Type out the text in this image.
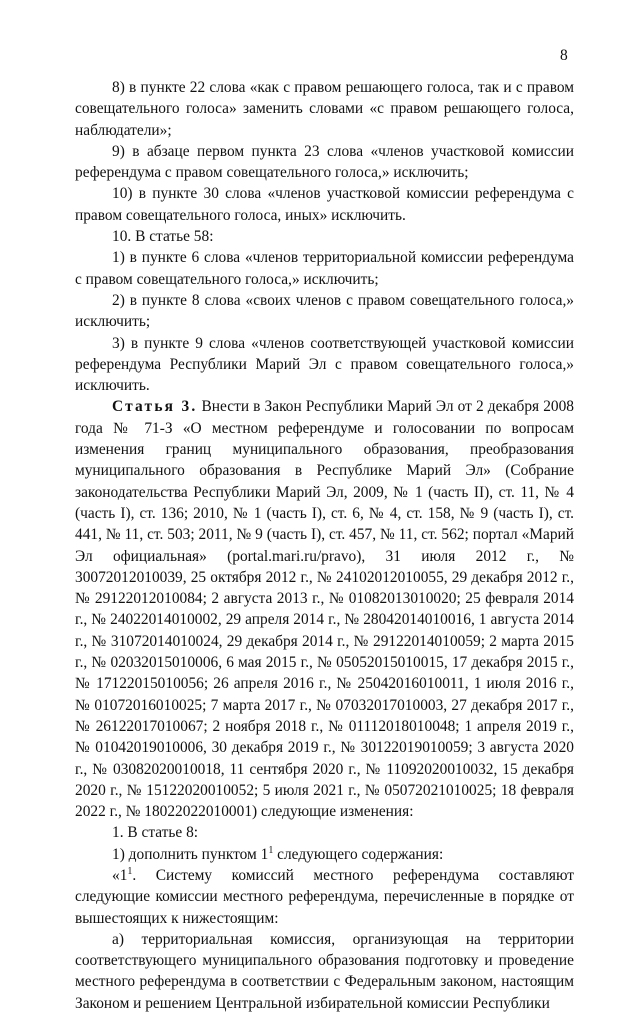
8

8) в пункте 22 слова «как с правом решающего голоса, так и с правом совещательного голоса» заменить словами «с правом решающего голоса, наблюдатели»;

9) в абзаце первом пункта 23 слова «членов участковой комиссии референдума с правом совещательного голоса,» исключить;

10) в пункте 30 слова «членов участковой комиссии референдума с правом совещательного голоса, иных» исключить.

10. В статье 58:

1) в пункте 6 слова «членов территориальной комиссии референдума с правом совещательного голоса,» исключить;

2) в пункте 8 слова «своих членов с правом совещательного голоса,» исключить;

3) в пункте 9 слова «членов соответствующей участковой комиссии референдума Республики Марий Эл с правом совещательного голоса,» исключить.

Статья 3. Внести в Закон Республики Марий Эл от 2 декабря 2008 года № 71-З «О местном референдуме и голосовании по вопросам изменения границ муниципального образования, преобразования муниципального образования в Республике Марий Эл» (Собрание законодательства Республики Марий Эл, 2009, № 1 (часть II), ст. 11, № 4 (часть I), ст. 136; 2010, № 1 (часть I), ст. 6, № 4, ст. 158, № 9 (часть I), ст. 441, № 11, ст. 503; 2011, № 9 (часть I), ст. 457, № 11, ст. 562; портал «Марий Эл официальная» (portal.mari.ru/pravo), 31 июля 2012 г., № 30072012010039, 25 октября 2012 г., № 24102012010055, 29 декабря 2012 г., № 29122012010084; 2 августа 2013 г., № 01082013010020; 25 февраля 2014 г., № 24022014010002, 29 апреля 2014 г., № 28042014010016, 1 августа 2014 г., № 31072014010024, 29 декабря 2014 г., № 29122014010059; 2 марта 2015 г., № 02032015010006, 6 мая 2015 г., № 05052015010015, 17 декабря 2015 г., № 17122015010056; 26 апреля 2016 г., № 25042016010011, 1 июля 2016 г., № 01072016010025; 7 марта 2017 г., № 07032017010003, 27 декабря 2017 г., № 26122017010067; 2 ноября 2018 г., № 01112018010048; 1 апреля 2019 г., № 01042019010006, 30 декабря 2019 г., № 30122019010059; 3 августа 2020 г., № 03082020010018, 11 сентября 2020 г., № 11092020010032, 15 декабря 2020 г., № 15122020010052; 5 июля 2021 г., № 05072021010025; 18 февраля 2022 г., № 18022022010001) следующие изменения:

1. В статье 8:

1) дополнить пунктом $1^1$ следующего содержания:

«$1^1$. Систему комиссий местного референдума составляют следующие комиссии местного референдума, перечисленные в порядке от вышестоящих к нижестоящим:

а) территориальная комиссия, организующая на территории соответствующего муниципального образования подготовку и проведение местного референдума в соответствии с Федеральным законом, настоящим Законом и решением Центральной избирательной комиссии Республики
